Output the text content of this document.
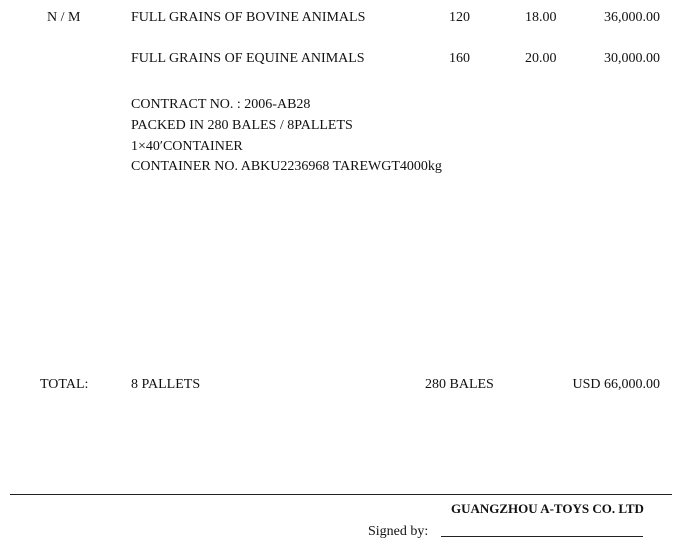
N / M	FULL GRAINS OF BOVINE ANIMALS	120	18.00	36,000.00
FULL GRAINS OF EQUINE ANIMALS	160	20.00	30,000.00
CONTRACT NO. : 2006-AB28
PACKED IN 280 BALES / 8PALLETS
1×40′CONTAINER
CONTAINER NO. ABKU2236968 TAREWGT4000kg
TOTAL:	8 PALLETS	280 BALES	USD 66,000.00
GUANGZHOU A-TOYS CO. LTD
Signed by:
